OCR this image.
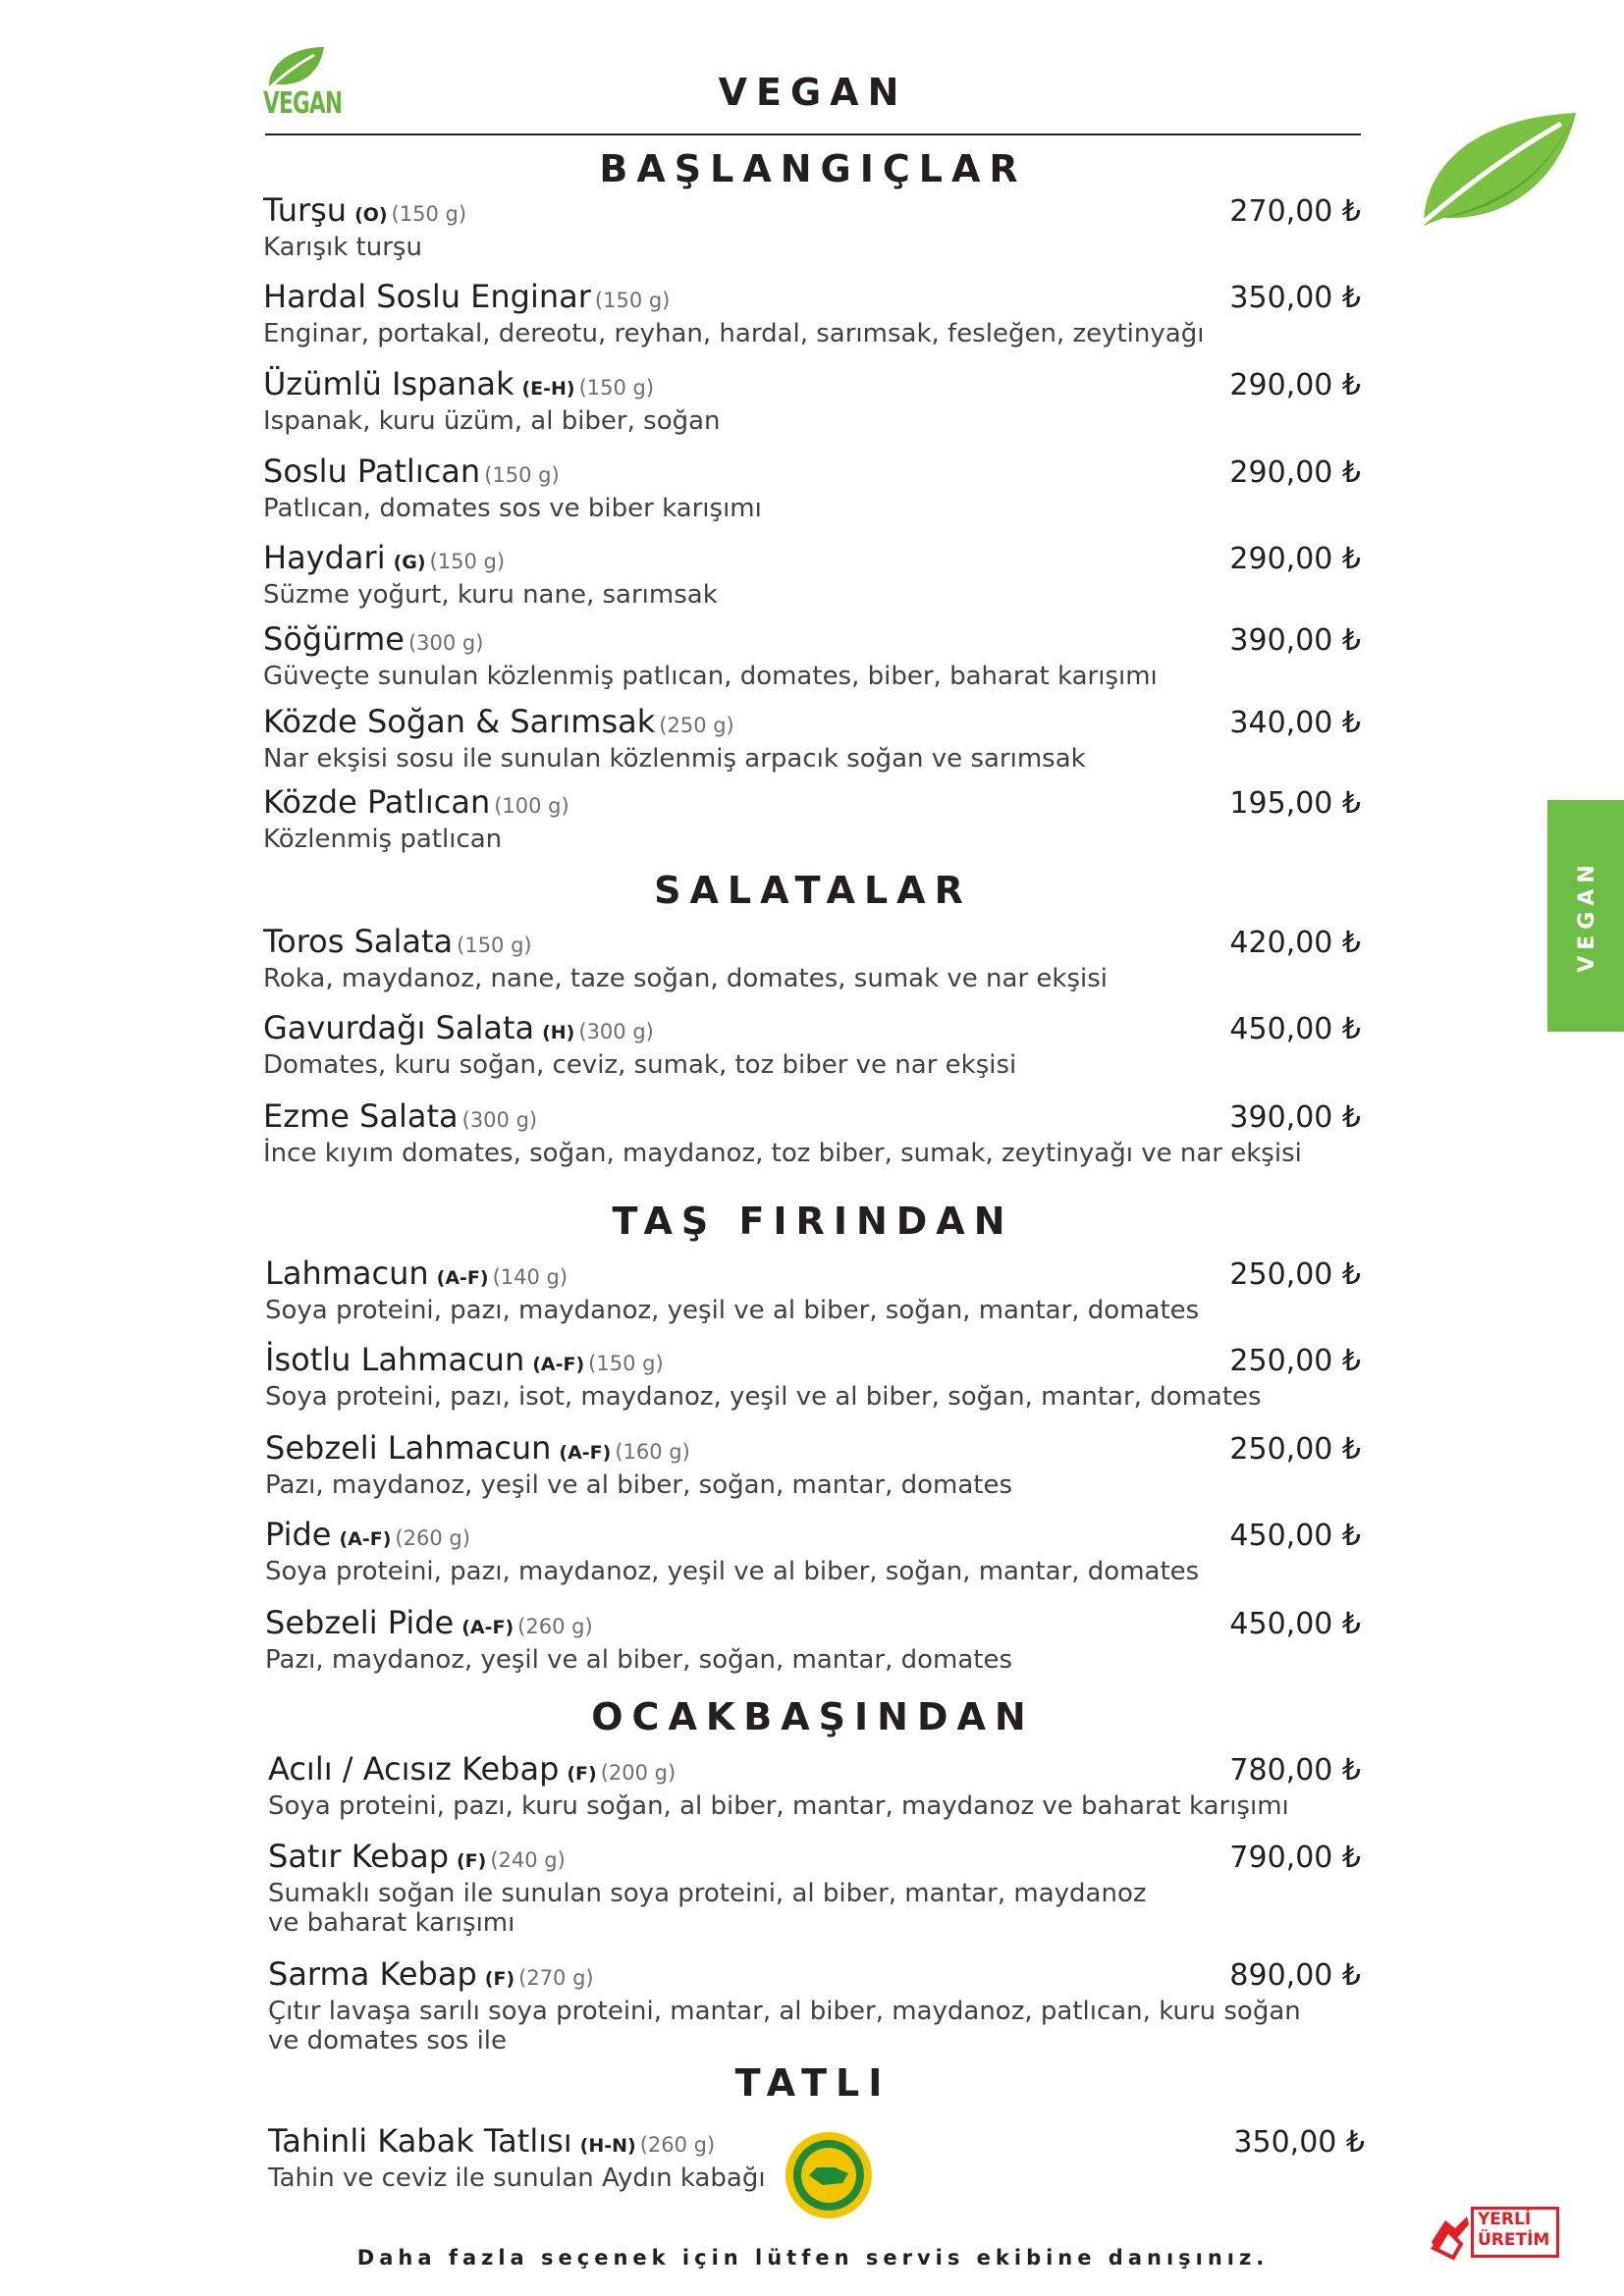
VEGAN	VEGAN
VEGAN
BAŞLANGIÇLAR
Turşu (O) (150 g)	270,00 ₺
Karışık turşu
Hardal Soslu Enginar (150 g)	350,00 ₺
Enginar, portakal, dereotu, reyhan, hardal, sarımsak, fesleğen, zeytinyağı
Üzümlü Ispanak (E-H) (150 g)	290,00 ₺
Ispanak, kuru üzüm, al biber, soğan
Soslu Patlıcan (150 g)	290,00 ₺
Patlıcan, domates sos ve biber karışımı
Haydari (G) (150 g)	290,00 ₺
Süzme yoğurt, kuru nane, sarımsak
Söğürme (300 g)	390,00 ₺
Güveçte sunulan közlenmiş patlıcan, domates, biber, baharat karışımı
Közde Soğan & Sarımsak (250 g)	340,00 ₺
Nar ekşisi sosu ile sunulan közlenmiş arpacık soğan ve sarımsak
Közde Patlıcan (100 g)	195,00 ₺
Közlenmiş patlıcan
SALATALAR
Toros Salata (150 g)	420,00 ₺
Roka, maydanoz, nane, taze soğan, domates, sumak ve nar ekşisi
Gavurdağı Salata (H) (300 g)	450,00 ₺
Domates, kuru soğan, ceviz, sumak, toz biber ve nar ekşisi
Ezme Salata (300 g)	390,00 ₺
İnce kıyım domates, soğan, maydanoz, toz biber, sumak, zeytinyağı ve nar ekşisi
TAŞ FIRINDAN
Lahmacun (A-F) (140 g)	250,00 ₺
Soya proteini, pazı, maydanoz, yeşil ve al biber, soğan, mantar, domates
İsotlu Lahmacun (A-F) (150 g)	250,00 ₺
Soya proteini, pazı, isot, maydanoz, yeşil ve al biber, soğan, mantar, domates
Sebzeli Lahmacun (A-F) (160 g)	250,00 ₺
Pazı, maydanoz, yeşil ve al biber, soğan, mantar, domates
Pide (A-F) (260 g)	450,00 ₺
Soya proteini, pazı, maydanoz, yeşil ve al biber, soğan, mantar, domates
Sebzeli Pide (A-F) (260 g)	450,00 ₺
Pazı, maydanoz, yeşil ve al biber, soğan, mantar, domates
OCAKBAŞINDAN
Acılı / Acısız Kebap (F) (200 g)	780,00 ₺
Soya proteini, pazı, kuru soğan, al biber, mantar, maydanoz ve baharat karışımı
Satır Kebap (F) (240 g)	790,00 ₺
Sumaklı soğan ile sunulan soya proteini, al biber, mantar, maydanoz
ve baharat karışımı
Sarma Kebap (F) (270 g)	890,00 ₺
Çıtır lavaşa sarılı soya proteini, mantar, al biber, maydanoz, patlıcan, kuru soğan
ve domates sos ile
TATLI
Tahinli Kabak Tatlısı (H-N) (260 g)	350,00 ₺
Tahin ve ceviz ile sunulan Aydın kabağı
YERLİ
ÜRETİM
Daha fazla seçenek için lütfen servis ekibine danışınız.
